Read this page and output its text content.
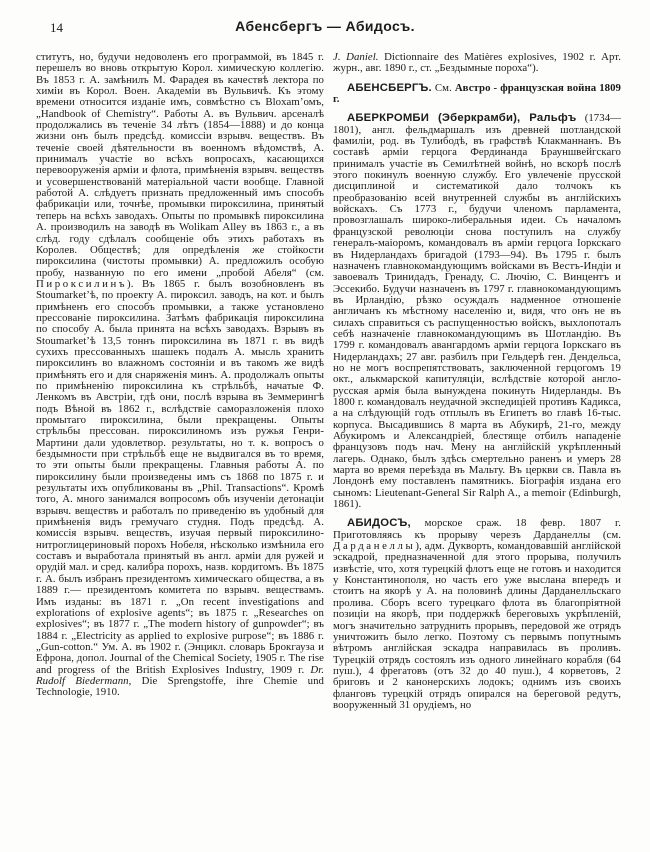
14	Абенсбергъ — Абидосъ.

ститутъ, но, будучи недоволенъ его программой, въ 1845 г. перешелъ во вновь открытую Корол. химическую коллегію. Въ 1853 г. А. замѣнилъ М. Фарадея въ качествѣ лектора по химіи въ Корол. Воен. Академіи въ Вульвичѣ. Къ этому времени относится изданіе имъ, совмѣстно съ Bloxam’омъ, „Handbook of Chemistry“. Работы А. въ Вульвич. арсеналѣ продолжались въ теченіе 34 лѣтъ (1854—1888) и до конца жизни онъ былъ предсѣд. комиссіи взрывч. веществъ. Въ теченіе своей дѣятельности въ военномъ вѣдомствѣ, А. принималъ участіе во всѣхъ вопросахъ, касающихся перевооруженія арміи и флота, примѣненія взрывч. веществъ и усовершенствованій матеріальной части вообще. Главной работой А. слѣдуетъ признать предложенный имъ способъ фабрикаціи или, точнѣе, промывки пироксилина, принятый теперь на всѣхъ заводахъ. Опыты по промывкѣ пироксилина А. производилъ на заводѣ въ Wolikam Alley въ 1863 г., а въ слѣд. году сдѣлалъ сообщеніе объ этихъ работахъ въ Королев. Обществѣ; для опредѣленія же стойкости пироксилина (чистоты промывки) А. предложилъ особую пробу, названную по его имени „пробой Абеля“ (см. Пироксилинъ). Въ 1865 г. былъ возобновленъ въ Stoumarket’ѣ, по проекту А. пироксил. заводъ, на кот. и былъ примѣненъ его способъ промывки, а также установлено прессованіе пироксилина. Затѣмъ фабрикація пироксилина по способу А. была принята на всѣхъ заводахъ. Взрывъ въ Stoumarket’ѣ 13,5 тоннъ пироксилина въ 1871 г. въ видѣ сухихъ прессованныхъ шашекъ подалъ А. мысль хранить пироксилинъ во влажномъ состояніи и въ такомъ же видѣ примѣнять его и для снаряженія минъ. А. продолжалъ опыты по примѣненію пироксилина къ стрѣльбѣ, начатые Ф. Ленкомъ въ Австріи, гдѣ они, послѣ взрыва въ Земмерингѣ подъ Вѣной въ 1862 г., вслѣдствіе саморазложенія плохо промытаго пироксилина, были прекращены. Опыты стрѣльбы прессован. пироксилиномъ изъ ружья Генри-Мартини дали удовлетвор. результаты, но т. к. вопросъ о бездымности при стрѣльбѣ еще не выдвигался въ то время, то эти опыты были прекращены. Главныя работы А. по пироксилину были произведены имъ съ 1868 по 1875 г. и результаты ихъ опубликованы въ „Phil. Transactions“. Кромѣ того, А. много занимался вопросомъ объ изученіи детонаціи взрывч. веществъ и работалъ по приведенію въ удобный для примѣненія видъ гремучаго студня. Подъ предсѣд. А. комиссія взрывч. веществъ, изучая первый пироксилино-нитроглицериновый порохъ Нобеля, нѣсколько измѣнила его составъ и выработала принятый въ англ. арміи для ружей и орудій мал. и сред. калибра порохъ, назв. кордитомъ. Въ 1875 г. А. былъ избранъ президентомъ химическаго общества, а въ 1889 г.— президентомъ комитета по взрывч. веществамъ. Имъ изданы: въ 1871 г. „On recent investigations and explorations of explosive agents“; въ 1875 г. „Researches on explosives“; въ 1877 г. „The modern history of gunpowder“; въ 1884 г. „Electricity as applied to explosive purpose“; въ 1886 г. „Gun-cotton.“ Ум. А. въ 1902 г. (Энцикл. словарь Брокгауза и Ефрона, допол. Journal of the Chemical Society, 1905 г. The rise and progress of the British Explosives Industry, 1909 г. Dr. Rudolf Biedermann, Die Sprengstoffe, ihre Chemie und Technologie, 1910.

J. Daniel. Dictionnaire des Matières explosives, 1902 г. Арт. журн., авг. 1890 г., ст. „Бездымные пороха“).

АБЕНСБЕРГЪ. См. Австро - французская война 1809 г.

АБЕРКРОМБИ (Эберкрамби), Ральфъ (1734—1801), англ. фельдмаршалъ изъ древней шотландской фамиліи, род. въ Тулибодѣ, въ графствѣ Клакманнанъ. Въ составѣ арміи герцога Фердинанда Брауншвейгскаго принималъ участіе въ Семилѣтней войнѣ, но вскорѣ послѣ этого покинулъ военную службу. Его увлеченіе прусской дисциплиной и систематикой дало толчокъ къ преобразованію всей внутренней службы въ англійскихъ войскахъ. Съ 1773 г., будучи членомъ парламента, провозглашалъ широко-либеральныя идеи. Съ началомъ французской революціи снова поступилъ на службу генералъ-маіоромъ, командовалъ въ арміи герцога Іоркскаго въ Нидерландахъ бригадой (1793—94). Въ 1795 г. былъ назначенъ главнокомандующимъ войсками въ Вестъ-Индіи и завоевалъ Тринидадъ, Гренаду, С. Лючію, С. Винцентъ и Эссекибо. Будучи назначенъ въ 1797 г. главнокомандующимъ въ Ирландію, рѣзко осуждалъ надменное отношеніе англичанъ къ мѣстному населенію и, видя, что онъ не въ силахъ справиться съ распущенностью войскъ, выхлопоталъ себѣ назначеніе главнокомандующимъ въ Шотландію. Въ 1799 г. командовалъ авангардомъ арміи герцога Іоркскаго въ Нидерландахъ; 27 авг. разбилъ при Гельдерѣ ген. Дендельса, но не могъ воспрепятствовать, заключенной герцогомъ 19 окт., алькмарской капитуляціи, вслѣдствіе которой англо-русская армія была вынуждена покинуть Нидерланды. Въ 1800 г. командовалъ неудачной экспедиціей противъ Кадикса, а на слѣдующій годъ отплылъ въ Египетъ во главѣ 16-тыс. корпуса. Высадившись 8 марта въ Абукирѣ, 21-го, между Абукиромъ и Александріей, блестяще отбилъ нападеніе французовъ подъ нач. Мену на англійскій укрѣпленный лагерь. Однако, былъ здѣсь смертельно раненъ и умеръ 28 марта во время переѣзда въ Мальту. Въ церкви св. Павла въ Лондонѣ ему поставленъ памятникъ. Біографія издана его сыномъ: Lieutenant-General Sir Ralph A., a memoir (Edinburgh, 1861).

АБИДОСЪ, морское сраж. 18 февр. 1807 г. Приготовляясь къ прорыву черезъ Дарданеллы (см. Дарданеллы), адм. Дукворть, командовавшій англійской эскадрой, предназначенной для этого прорыва, получилъ извѣстіе, что, хотя турецкій флотъ еще не готовъ и находится у Константинополя, но часть его уже выслана впередъ и стоитъ на якорѣ у А. на половинѣ длины Дарданелльскаго пролива. Сборъ всего турецкаго флота въ благопріятной позиціи на якорѣ, при поддержкѣ береговыхъ укрѣпленій, могъ значительно затруднить прорывъ, передовой же отрядъ уничтожить было легко. Поэтому съ первымъ попутнымъ вѣтромъ англійская эскадра направилась въ проливъ. Турецкій отрядъ состоялъ изъ одного линейнаго корабля (64 пуш.), 4 фрегатовъ (отъ 32 до 40 пуш.), 4 корветовъ, 2 бриговъ и 2 канонерскихъ лодокъ; однимъ изъ своихъ фланговъ турецкій отрядъ опирался на береговой редутъ, вооруженный 31 орудіемъ, но
